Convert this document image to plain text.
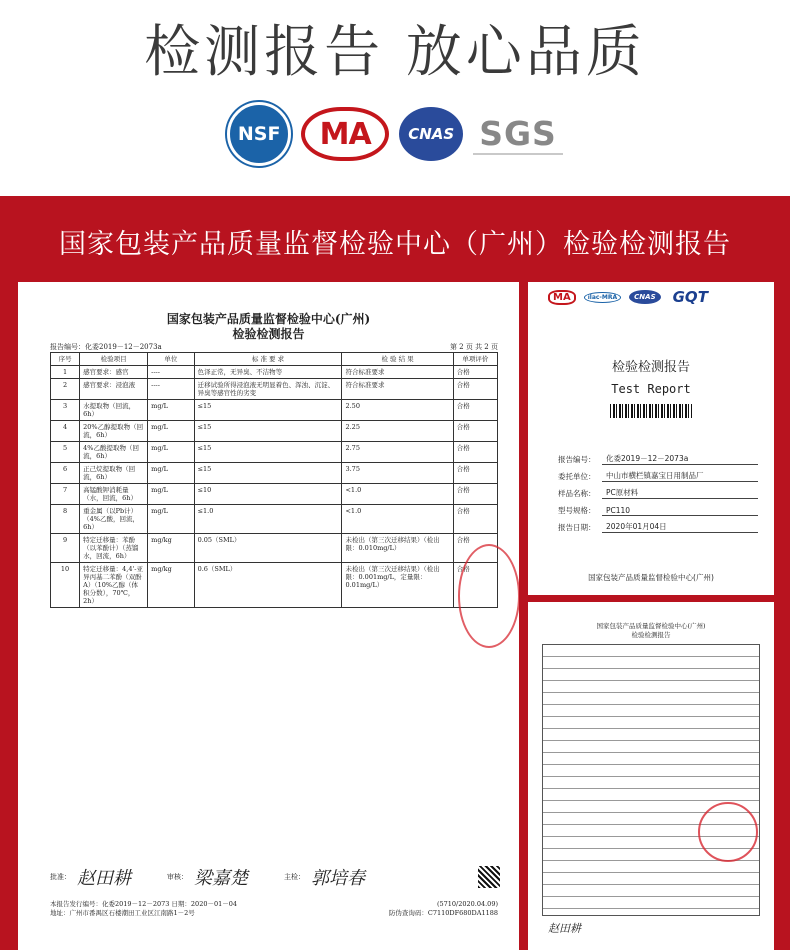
检测报告 放心品质
NSF	MA	CNAS SGS
国家包装产品质量监督检验中心（广州）检验检测报告
国家包装产品质量监督检验中心(广州)
检验检测报告
报告编号：化委2019－12－2073a	第 2 页 共 2 页
序号	检验项目	单位	标 准 要 求	检 验 结 果	单项评价
1	感官要求：感官	----	色泽正常，无异臭、不洁物等	符合标准要求	合格
2	感官要求：浸泡液	----	迁移试验所得浸泡液无明显着色、浑浊、沉淀、异臭等感官性的劣变	符合标准要求	合格
3	水提取物（回流，6h）	mg/L	≤15	2.50	合格
4	20%乙醇提取物（回流，6h）	mg/L	≤15	2.25	合格
5	4%乙酸提取物（回流，6h）	mg/L	≤15	2.75	合格
6	正己烷提取物（回流，6h）	mg/L	≤15	3.75	合格
7	高锰酸钾消耗量（水，回流，6h）	mg/L	≤10	<1.0	合格
8	重金属（以Pb计）（4%乙酸，回流，6h）	mg/L	≤1.0	<1.0	合格
9	特定迁移量：苯酚（以苯酚计）（蒸馏水，回流，6h）	mg/kg	0.05（SML）	未检出（第三次迁移结果）（检出限：0.010mg/L）	合格
10	特定迁移量：4,4'-亚异丙基二苯酚（双酚A）（10%乙醇（体积分数），70℃，2h）	mg/kg	0.6（SML）	未检出（第三次迁移结果）（检出限：0.001mg/L，定量限：0.01mg/L）	合格
批准： 赵田耕	审核： 梁嘉楚	主检： 郭培春
本报告发行编号：化委2019－12－2073 日期：2020－01－04
地址：广州市番禺区石楼潮田工业区江南路1－2号
(5710/2020.04.09)
防伪查询码：C7110DF680DA1188
MA	ilac-MRA	CNAS	GQT
检验检测报告
Test Report
报告编号：	化委2019－12－2073a
委托单位：	中山市横栏镇嘉宝日用制品厂
样品名称：	PC原材料
型号规格：	PC110
报告日期：	2020年01月04日
国家包装产品质量监督检验中心(广州)
国家包装产品质量监督检验中心(广州)
检验检测报告
赵田耕
